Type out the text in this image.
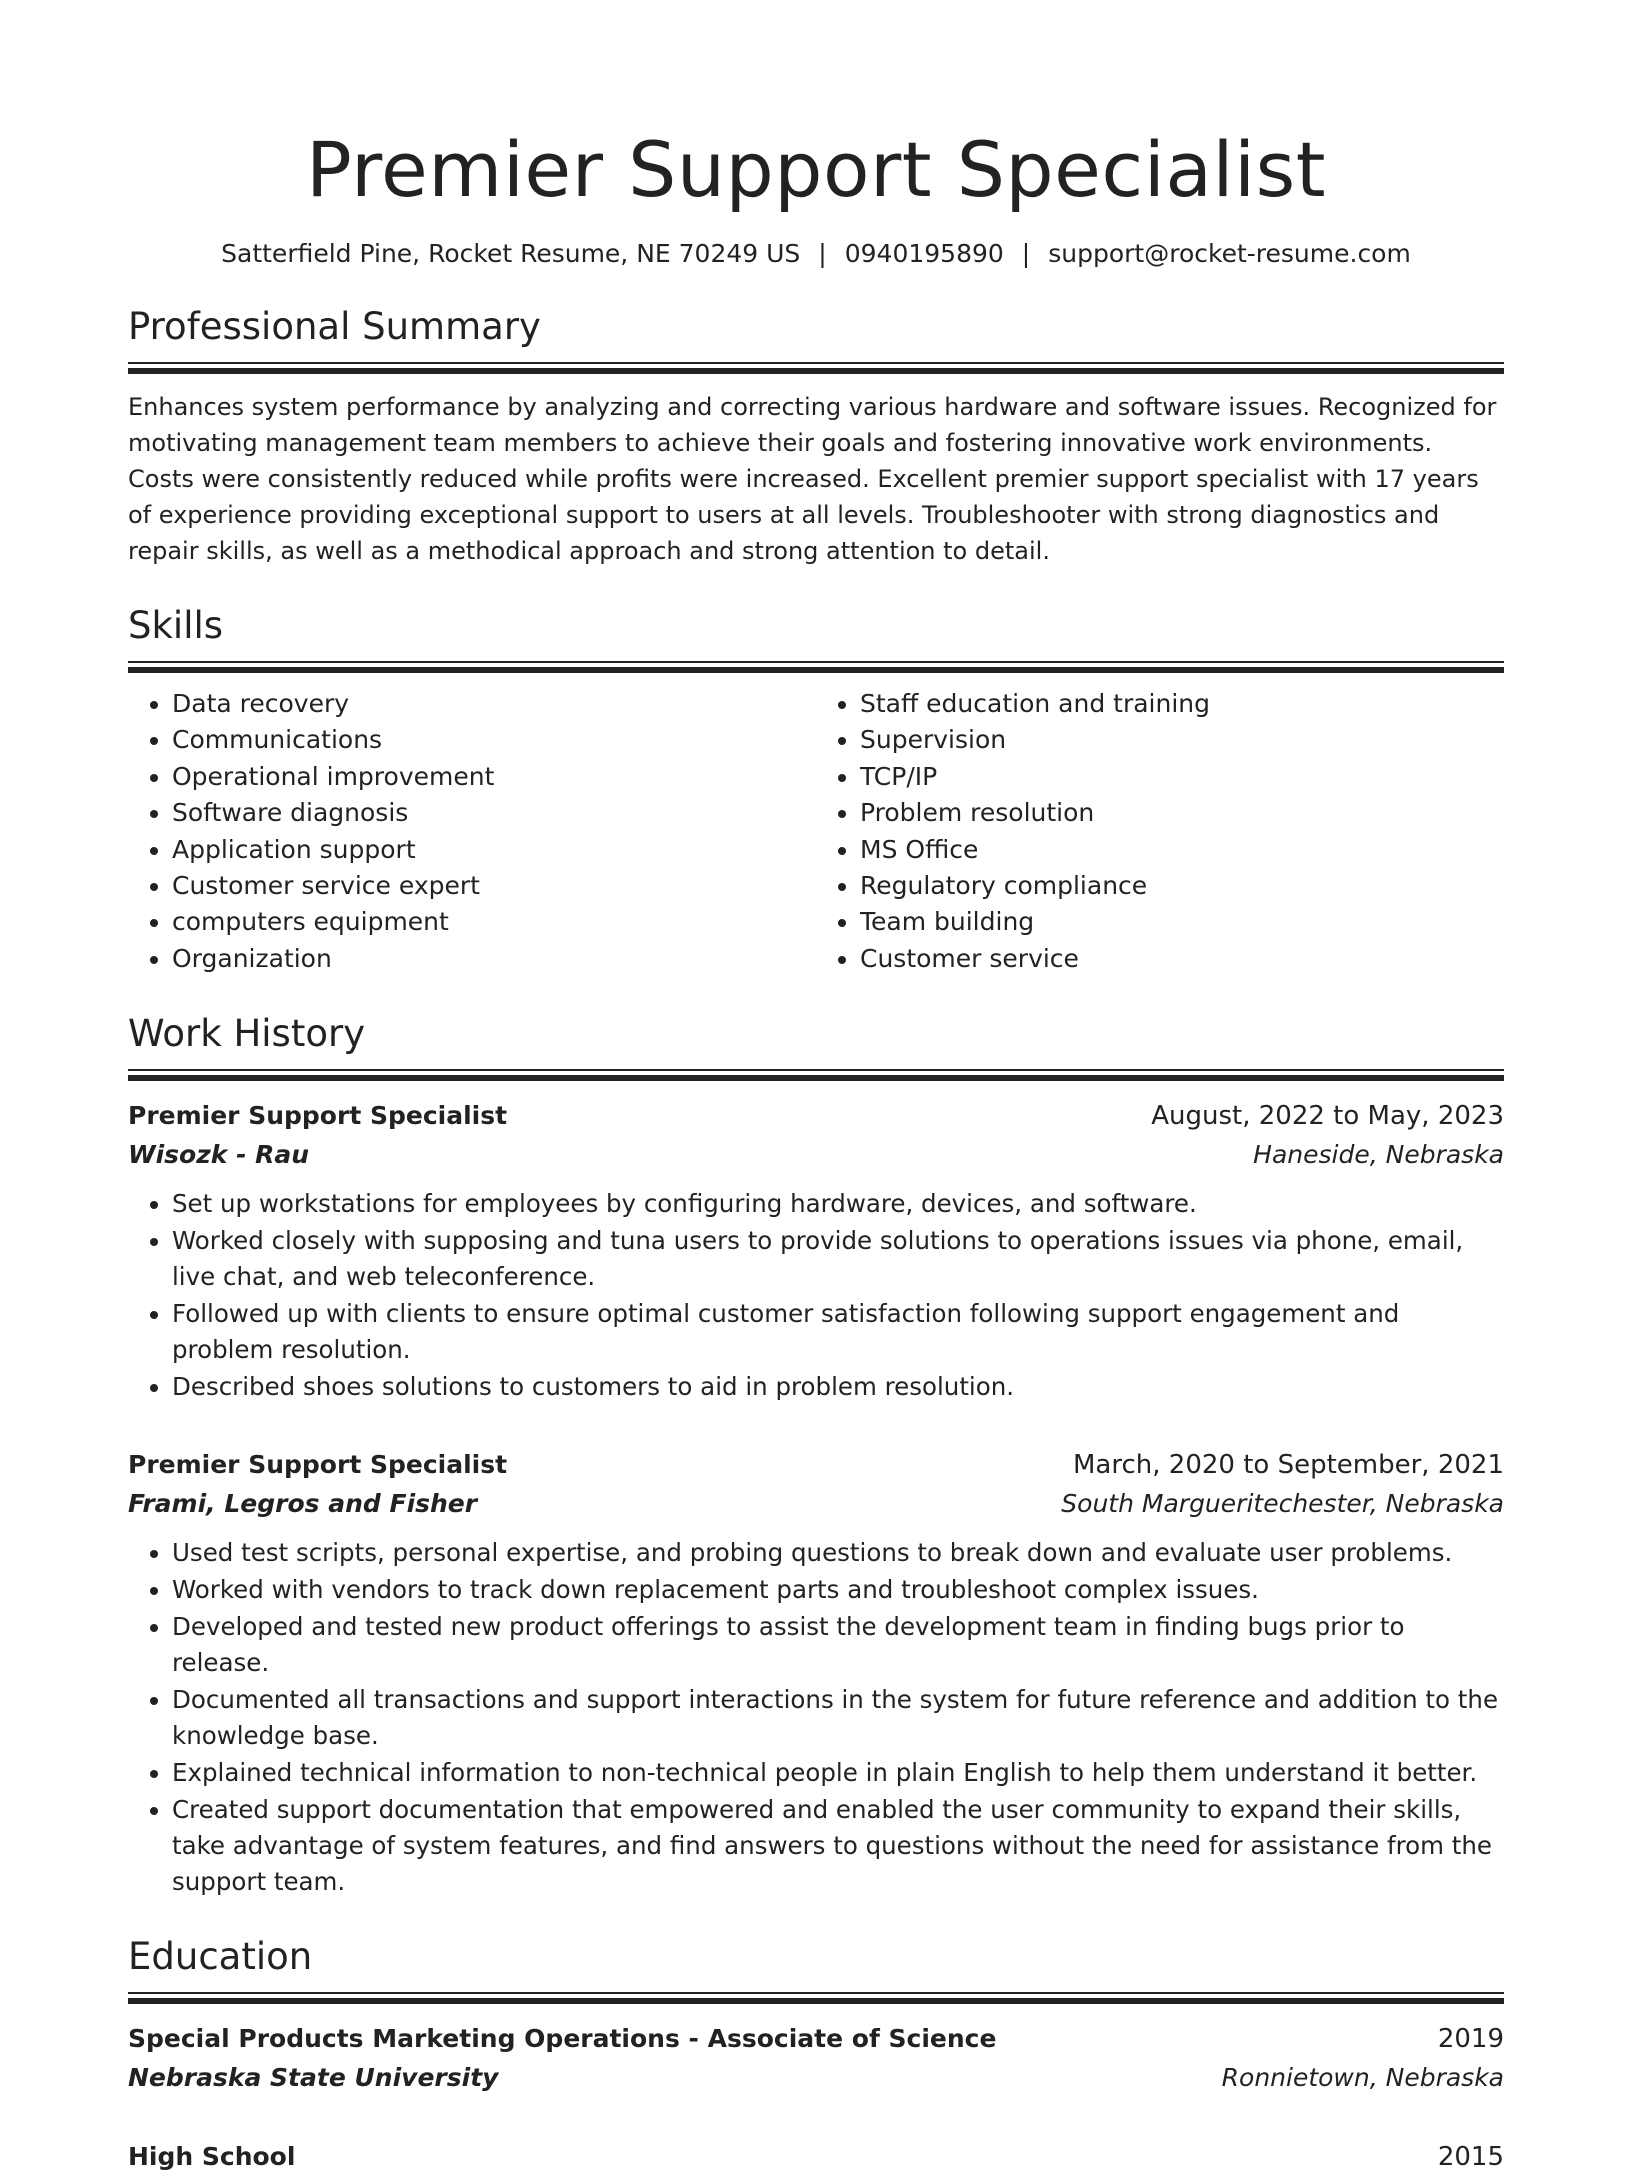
Premier Support Specialist
Satterfield Pine, Rocket Resume, NE 70249 US | 0940195890 | support@rocket-resume.com
Professional Summary
Enhances system performance by analyzing and correcting various hardware and software issues. Recognized for motivating management team members to achieve their goals and fostering innovative work environments. Costs were consistently reduced while profits were increased. Excellent premier support specialist with 17 years of experience providing exceptional support to users at all levels. Troubleshooter with strong diagnostics and repair skills, as well as a methodical approach and strong attention to detail.
Skills
• Data recovery
• Communications
• Operational improvement
• Software diagnosis
• Application support
• Customer service expert
• computers equipment
• Organization
• Staff education and training
• Supervision
• TCP/IP
• Problem resolution
• MS Office
• Regulatory compliance
• Team building
• Customer service
Work History
Premier Support Specialist	August, 2022 to May, 2023
Wisozk - Rau	Haneside, Nebraska
• Set up workstations for employees by configuring hardware, devices, and software.
• Worked closely with supposing and tuna users to provide solutions to operations issues via phone, email, live chat, and web teleconference.
• Followed up with clients to ensure optimal customer satisfaction following support engagement and problem resolution.
• Described shoes solutions to customers to aid in problem resolution.
Premier Support Specialist	March, 2020 to September, 2021
Frami, Legros and Fisher	South Margueritechester, Nebraska
• Used test scripts, personal expertise, and probing questions to break down and evaluate user problems.
• Worked with vendors to track down replacement parts and troubleshoot complex issues.
• Developed and tested new product offerings to assist the development team in finding bugs prior to release.
• Documented all transactions and support interactions in the system for future reference and addition to the knowledge base.
• Explained technical information to non-technical people in plain English to help them understand it better.
• Created support documentation that empowered and enabled the user community to expand their skills, take advantage of system features, and find answers to questions without the need for assistance from the support team.
Education
Special Products Marketing Operations - Associate of Science	2019
Nebraska State University	Ronnietown, Nebraska
High School	2015
